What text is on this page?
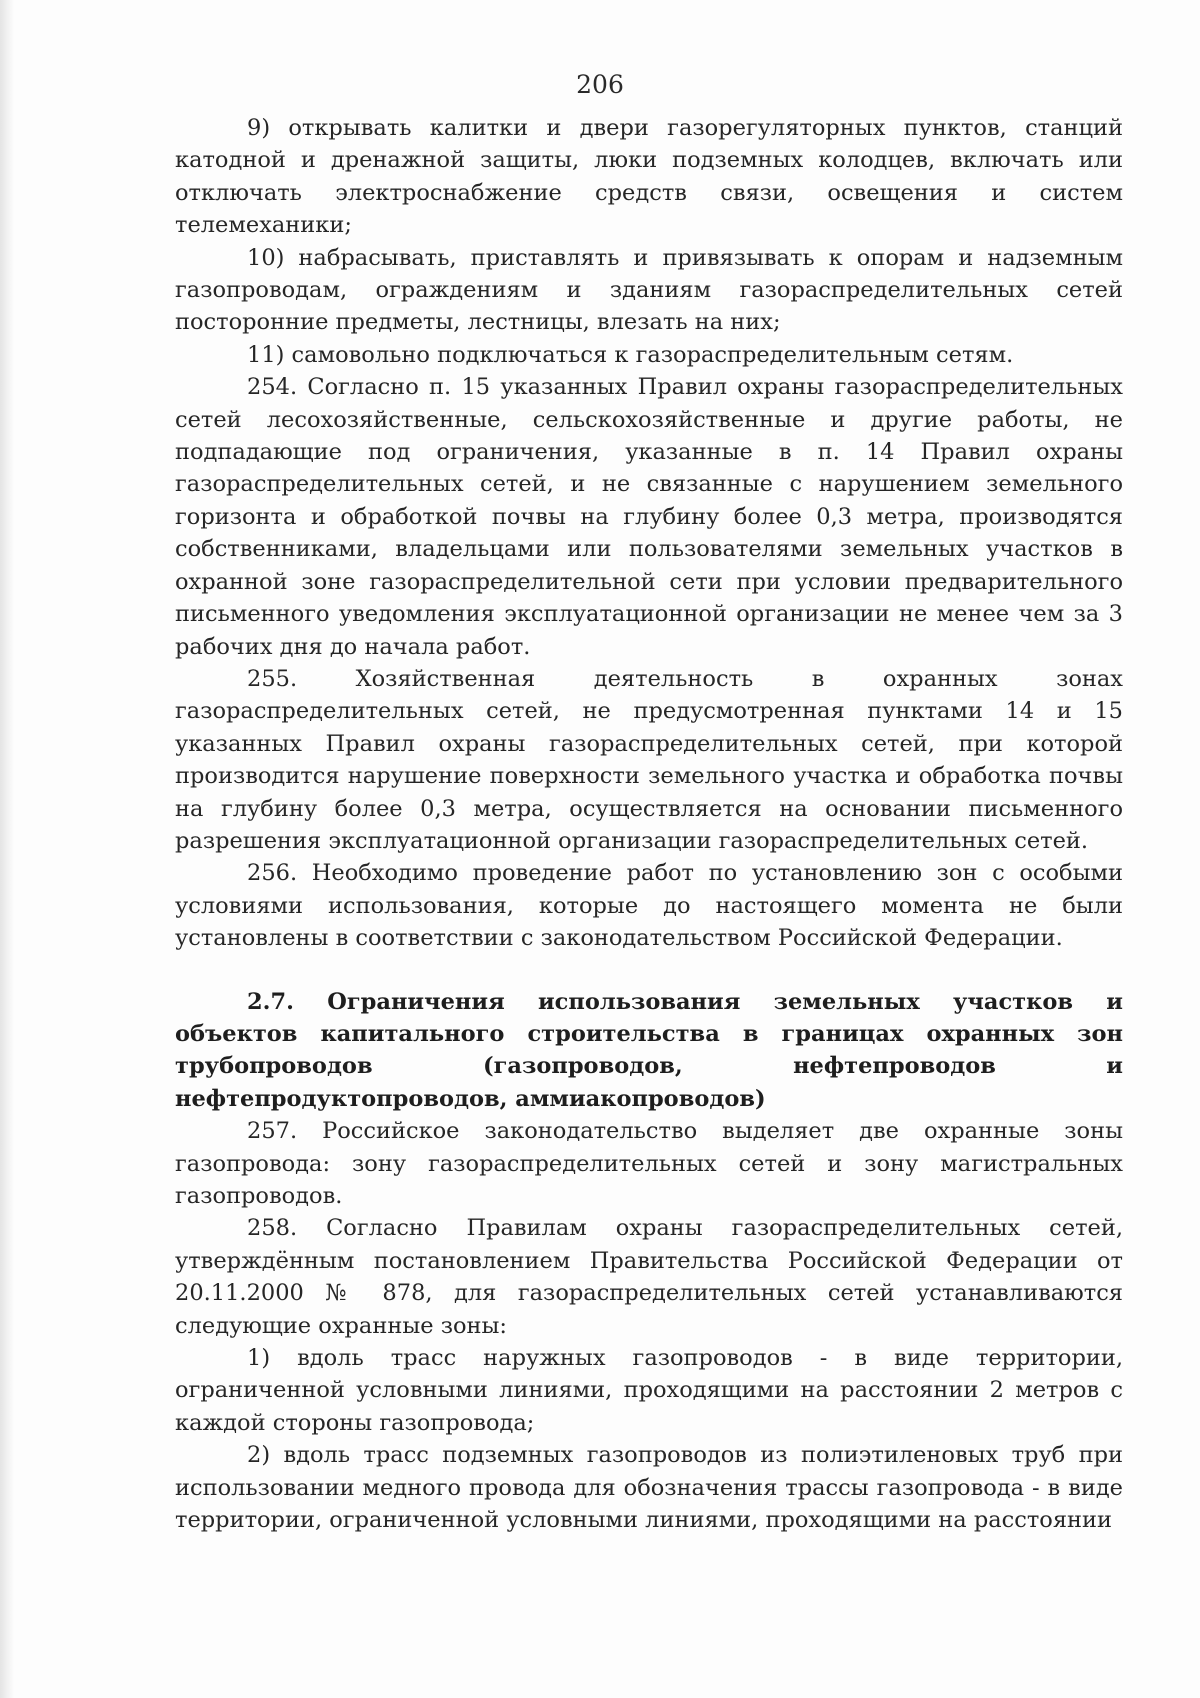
206

9) открывать калитки и двери газорегуляторных пунктов, станций катодной и дренажной защиты, люки подземных колодцев, включать или отключать электроснабжение средств связи, освещения и систем телемеханики;

10) набрасывать, приставлять и привязывать к опорам и надземным газопроводам, ограждениям и зданиям газораспределительных сетей посторонние предметы, лестницы, влезать на них;

11) самовольно подключаться к газораспределительным сетям.

254. Согласно п. 15 указанных Правил охраны газораспределительных сетей лесохозяйственные, сельскохозяйственные и другие работы, не подпадающие под ограничения, указанные в п. 14 Правил охраны газораспределительных сетей, и не связанные с нарушением земельного горизонта и обработкой почвы на глубину более 0,3 метра, производятся собственниками, владельцами или пользователями земельных участков в охранной зоне газораспределительной сети при условии предварительного письменного уведомления эксплуатационной организации не менее чем за 3 рабочих дня до начала работ.

255. Хозяйственная деятельность в охранных зонах газораспределительных сетей, не предусмотренная пунктами 14 и 15 указанных Правил охраны газораспределительных сетей, при которой производится нарушение поверхности земельного участка и обработка почвы на глубину более 0,3 метра, осуществляется на основании письменного разрешения эксплуатационной организации газораспределительных сетей.

256. Необходимо проведение работ по установлению зон с особыми условиями использования, которые до настоящего момента не были установлены в соответствии с законодательством Российской Федерации.

2.7. Ограничения использования земельных участков и объектов капитального строительства в границах охранных зон трубопроводов (газопроводов, нефтепроводов и нефтепродуктопроводов, аммиакопроводов)

257. Российское законодательство выделяет две охранные зоны газопровода: зону газораспределительных сетей и зону магистральных газопроводов.

258. Согласно Правилам охраны газораспределительных сетей, утверждённым постановлением Правительства Российской Федерации от 20.11.2000 № 878, для газораспределительных сетей устанавливаются следующие охранные зоны:

1) вдоль трасс наружных газопроводов - в виде территории, ограниченной условными линиями, проходящими на расстоянии 2 метров с каждой стороны газопровода;

2) вдоль трасс подземных газопроводов из полиэтиленовых труб при использовании медного провода для обозначения трассы газопровода - в виде территории, ограниченной условными линиями, проходящими на расстоянии
